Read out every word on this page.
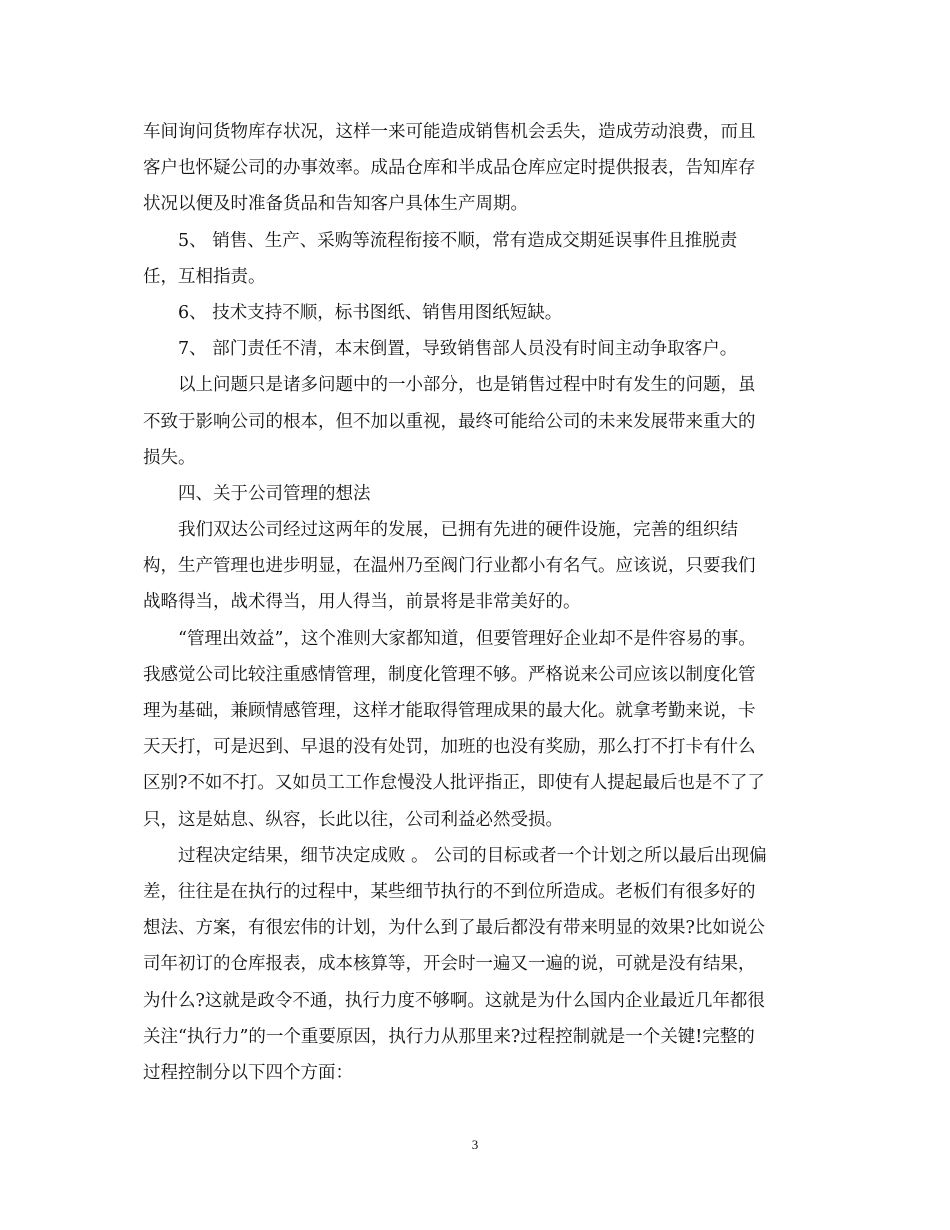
车间询问货物库存状况，这样一来可能造成销售机会丢失，造成劳动浪费，而且
客户也怀疑公司的办事效率。成品仓库和半成品仓库应定时提供报表，告知库存
状况以便及时准备货品和告知客户具体生产周期。
5、 销售、生产、采购等流程衔接不顺，常有造成交期延误事件且推脱责
任，互相指责。
6、 技术支持不顺，标书图纸、销售用图纸短缺。
7、 部门责任不清，本末倒置，导致销售部人员没有时间主动争取客户。
以上问题只是诸多问题中的一小部分，也是销售过程中时有发生的问题，虽
不致于影响公司的根本，但不加以重视，最终可能给公司的未来发展带来重大的
损失。
四、关于公司管理的想法
我们双达公司经过这两年的发展，已拥有先进的硬件设施，完善的组织结
构，生产管理也进步明显，在温州乃至阀门行业都小有名气。应该说，只要我们
战略得当，战术得当，用人得当，前景将是非常美好的。
“管理出效益”，这个准则大家都知道，但要管理好企业却不是件容易的事。
我感觉公司比较注重感情管理，制度化管理不够。严格说来公司应该以制度化管
理为基础，兼顾情感管理，这样才能取得管理成果的最大化。就拿考勤来说，卡
天天打，可是迟到、早退的没有处罚，加班的也没有奖励，那么打不打卡有什么
区别?不如不打。又如员工工作怠慢没人批评指正，即使有人提起最后也是不了了
只，这是姑息、纵容，长此以往，公司利益必然受损。
过程决定结果，细节决定成败 。 公司的目标或者一个计划之所以最后出现偏
差，往往是在执行的过程中，某些细节执行的不到位所造成。老板们有很多好的
想法、方案，有很宏伟的计划，为什么到了最后都没有带来明显的效果?比如说公
司年初订的仓库报表，成本核算等，开会时一遍又一遍的说，可就是没有结果，
为什么?这就是政令不通，执行力度不够啊。这就是为什么国内企业最近几年都很
关注“执行力”的一个重要原因，执行力从那里来?过程控制就是一个关键!完整的
过程控制分以下四个方面：
3
